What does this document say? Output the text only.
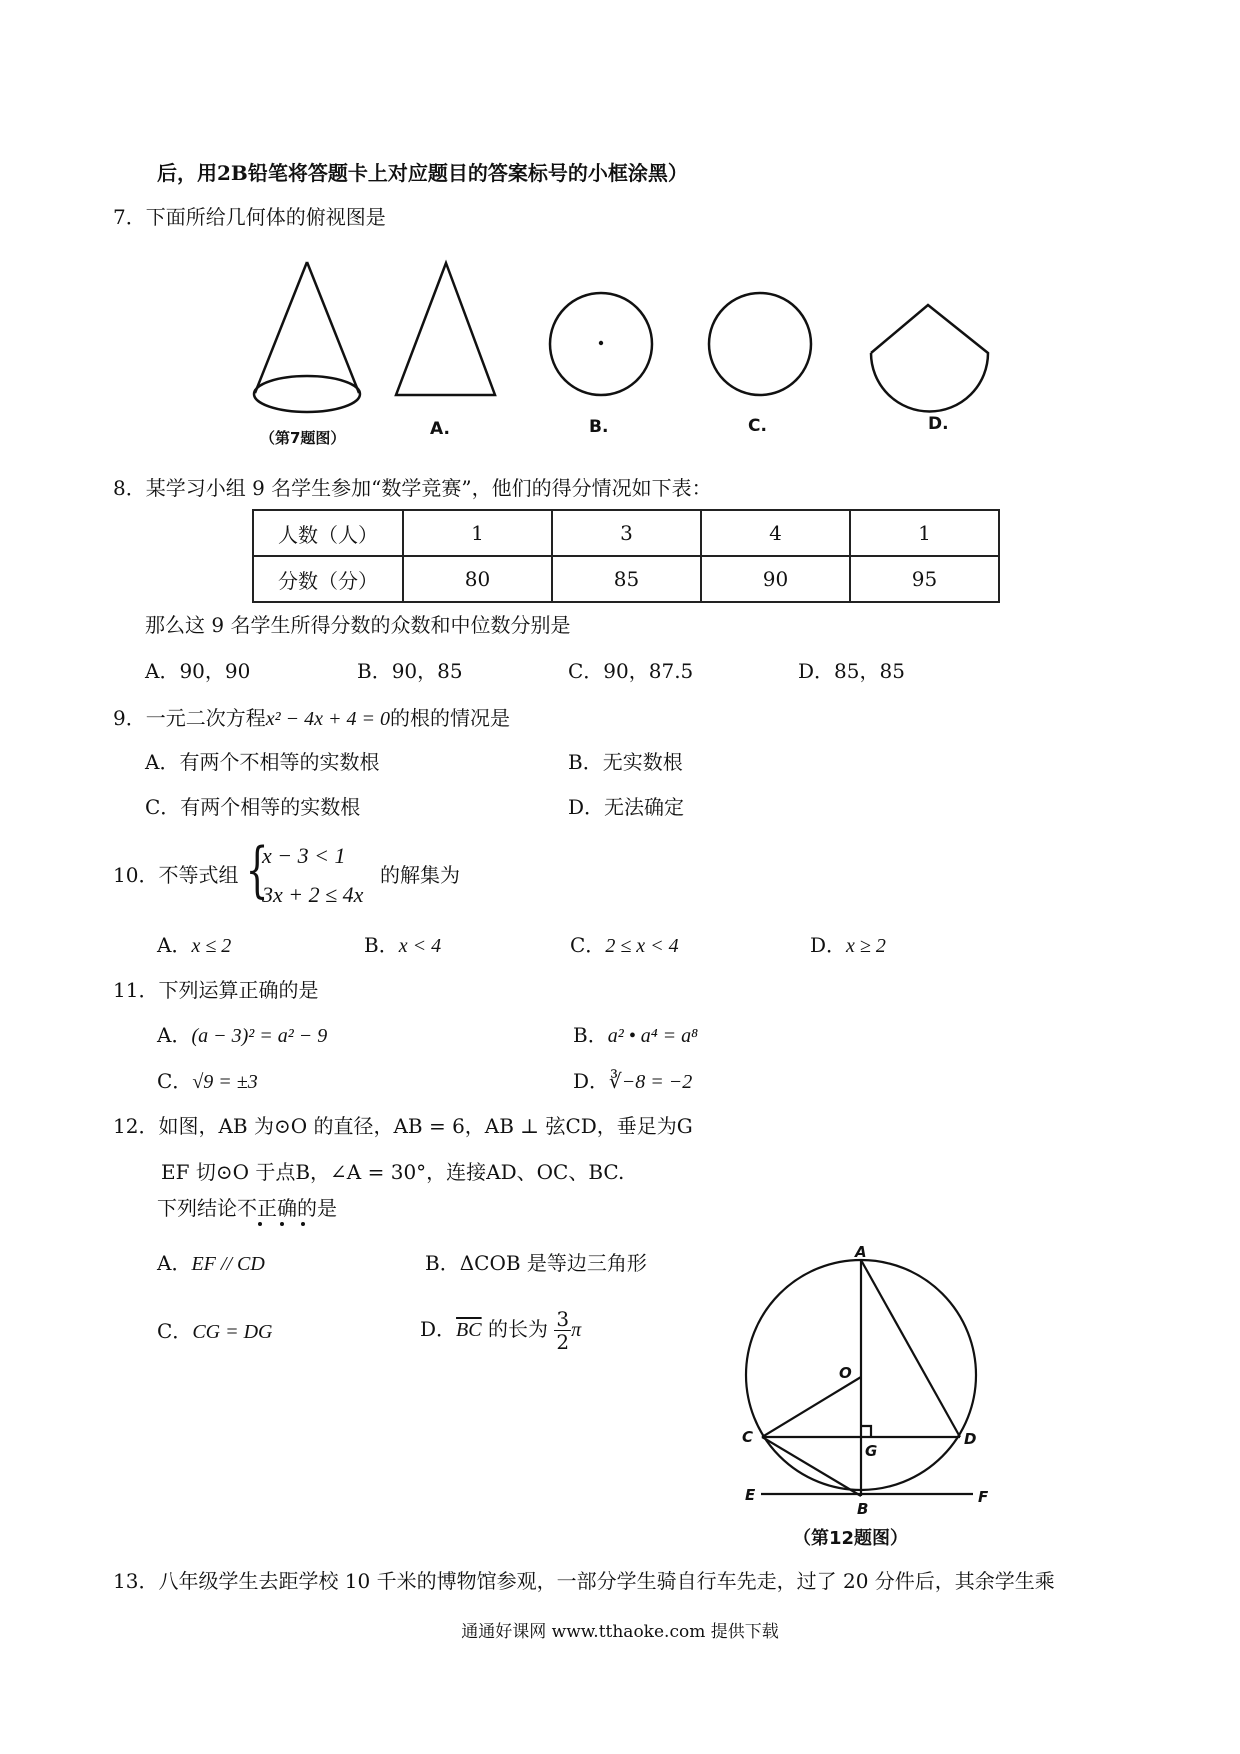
后，用2B铅笔将答题卡上对应题目的答案标号的小框涂黑）
7．下面所给几何体的俯视图是
（第7题图）	A.	B.	C.	D.
8．某学习小组 9 名学生参加“数学竞赛”，他们的得分情况如下表：
人数（人）	1	3	4	1
分数（分）	80	85	90	95
那么这 9 名学生所得分数的众数和中位数分别是
A．90，90	B．90，85	C．90，87.5	D．85，85
9．一元二次方程x² − 4x + 4 = 0的根的情况是
A．有两个不相等的实数根	B．无实数根
C．有两个相等的实数根	D．无法确定
10．不等式组 {
x − 3 < 1
3x + 2 ≤ 4x
的解集为
A．x ≤ 2	B．x < 4	C．2 ≤ x < 4	D．x ≥ 2
11．下列运算正确的是
A．(a − 3)² = a² − 9	B．a² • a⁴ = a⁸
C．√9 = ±3	D．∛−8 = −2
12．如图，AB 为⊙O 的直径，AB = 6，AB ⊥ 弦CD，垂足为G
EF 切⊙O 于点B，∠A = 30°，连接AD、OC、BC.
下列结论不正确的是
A．EF // CD	B．ΔCOB 是等边三角形
C．CG = DG	D．$\overline{BC}$ 的长为 $\frac{3}{2}$ π
A
O
C
G
D
E
B
F
（第12题图）
13．八年级学生去距学校 10 千米的博物馆参观，一部分学生骑自行车先走，过了 20 分件后，其余学生乘
通通好课网 www.tthaoke.com 提供下载
